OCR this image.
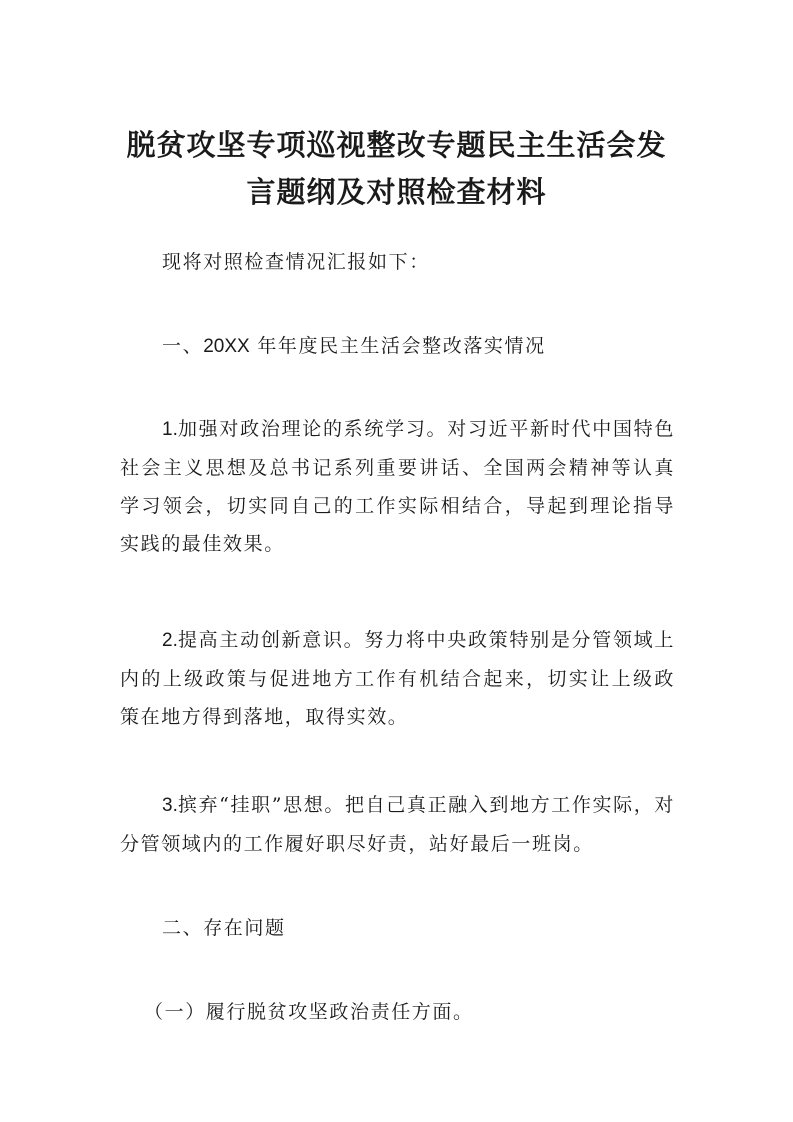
脱贫攻坚专项巡视整改专题民主生活会发
言题纲及对照检查材料

现将对照检查情况汇报如下：

一、20XX 年年度民主生活会整改落实情况

1.加强对政治理论的系统学习。对习近平新时代中国特色社会主义思想及总书记系列重要讲话、全国两会精神等认真学习领会，切实同自己的工作实际相结合，导起到理论指导实践的最佳效果。

2.提高主动创新意识。努力将中央政策特别是分管领域上内的上级政策与促进地方工作有机结合起来，切实让上级政策在地方得到落地，取得实效。

3.摈弃“挂职”思想。把自己真正融入到地方工作实际，对分管领域内的工作履好职尽好责，站好最后一班岗。

二、存在问题

（一）履行脱贫攻坚政治责任方面。
